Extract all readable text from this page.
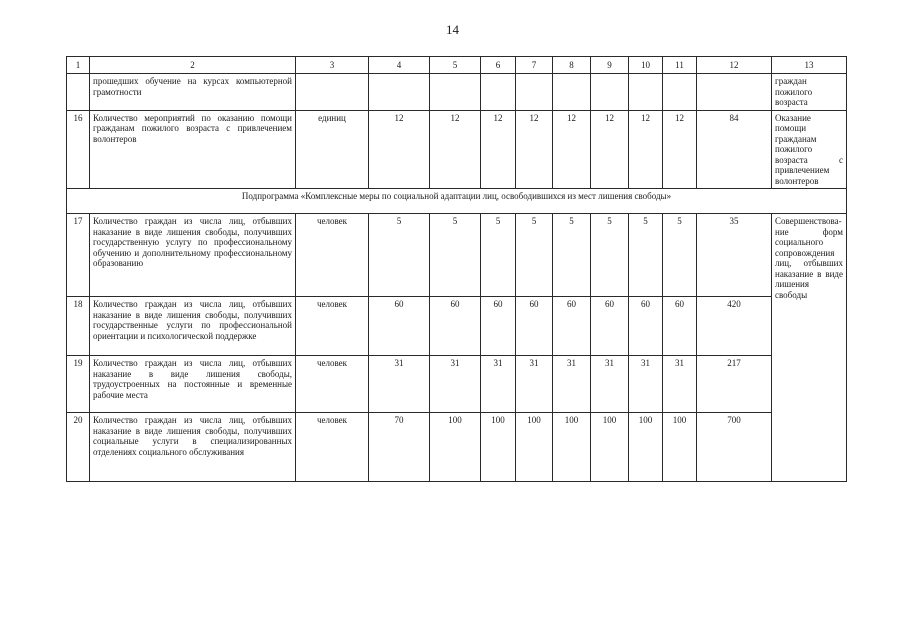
14
1	2	3	4	5	6	7	8	9	10	11	12	13
	прошедших обучение на курсах компьютерной грамотности											граждан пожилого возраста
16	Количество мероприятий по оказанию помощи гражданам пожилого возраста с привлечением волонтеров	единиц	12	12	12	12	12	12	12	12	84	Оказание помощи гражданам пожилого возраста с привлечением волонтеров
Подпрограмма «Комплексные меры по социальной адаптации лиц, освободившихся из мест лишения свободы»												
17	Количество граждан из числа лиц, отбывших наказание в виде лишения свободы, получивших государственную услугу по профессиональному обучению и дополнительному профессиональному образованию	человек	5	5	5	5	5	5	5	5	35	Совершенствова-ние форм социального сопровождения лиц, отбывших наказание в виде лишения свободы
18	Количество граждан из числа лиц, отбывших наказание в виде лишения свободы, получивших государственные услуги по профессиональной ориентации и психологической поддержке	человек	60	60	60	60	60	60	60	60	420	
19	Количество граждан из числа лиц, отбывших наказание в виде лишения свободы, трудоустроенных на постоянные и временные рабочие места	человек	31	31	31	31	31	31	31	31	217	
20	Количество граждан из числа лиц, отбывших наказание в виде лишения свободы, получивших социальные услуги в специализированных отделениях социального обслуживания	человек	70	100	100	100	100	100	100	100	700	
